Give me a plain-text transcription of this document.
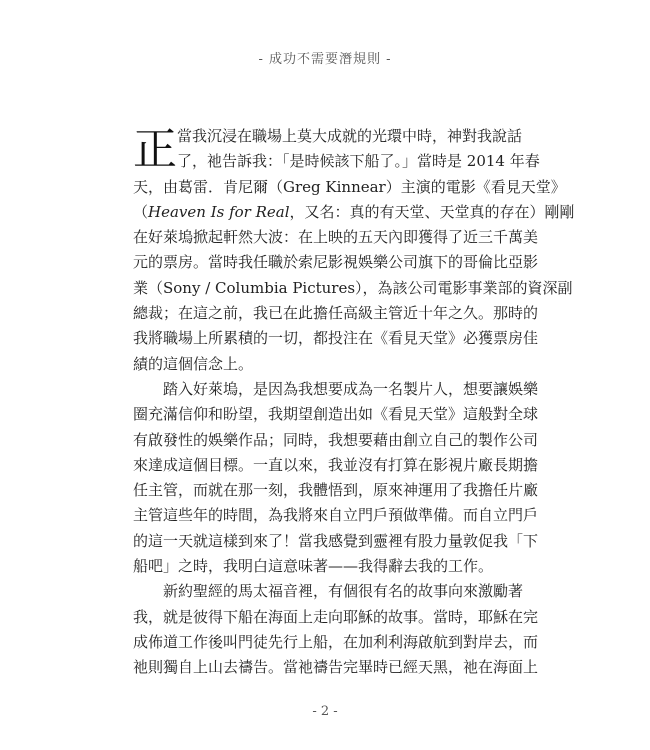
- 成功不需要潛規則 -
正 當我沉浸在職場上莫大成就的光環中時，神對我說話
了，祂告訴我：「是時候該下船了。」當時是 2014 年春
天，由葛雷．肯尼爾（Greg Kinnear）主演的電影《看見天堂》
（Heaven Is for Real，又名：真的有天堂、天堂真的存在）剛剛
在好萊塢掀起軒然大波：在上映的五天內即獲得了近三千萬美
元的票房。當時我任職於索尼影視娛樂公司旗下的哥倫比亞影
業（Sony / Columbia Pictures），為該公司電影事業部的資深副
總裁；在這之前，我已在此擔任高級主管近十年之久。那時的
我將職場上所累積的一切，都投注在《看見天堂》必獲票房佳
績的這個信念上。
踏入好萊塢，是因為我想要成為一名製片人，想要讓娛樂
圈充滿信仰和盼望，我期望創造出如《看見天堂》這般對全球
有啟發性的娛樂作品；同時，我想要藉由創立自己的製作公司
來達成這個目標。一直以來，我並沒有打算在影視片廠長期擔
任主管，而就在那一刻，我體悟到，原來神運用了我擔任片廠
主管這些年的時間，為我將來自立門戶預做準備。而自立門戶
的這一天就這樣到來了！當我感覺到靈裡有股力量敦促我「下
船吧」之時，我明白這意味著——我得辭去我的工作。
新約聖經的馬太福音裡，有個很有名的故事向來激勵著
我，就是彼得下船在海面上走向耶穌的故事。當時，耶穌在完
成佈道工作後叫門徒先行上船，在加利利海啟航到對岸去，而
祂則獨自上山去禱告。當祂禱告完畢時已經天黑，祂在海面上
- 2 -
